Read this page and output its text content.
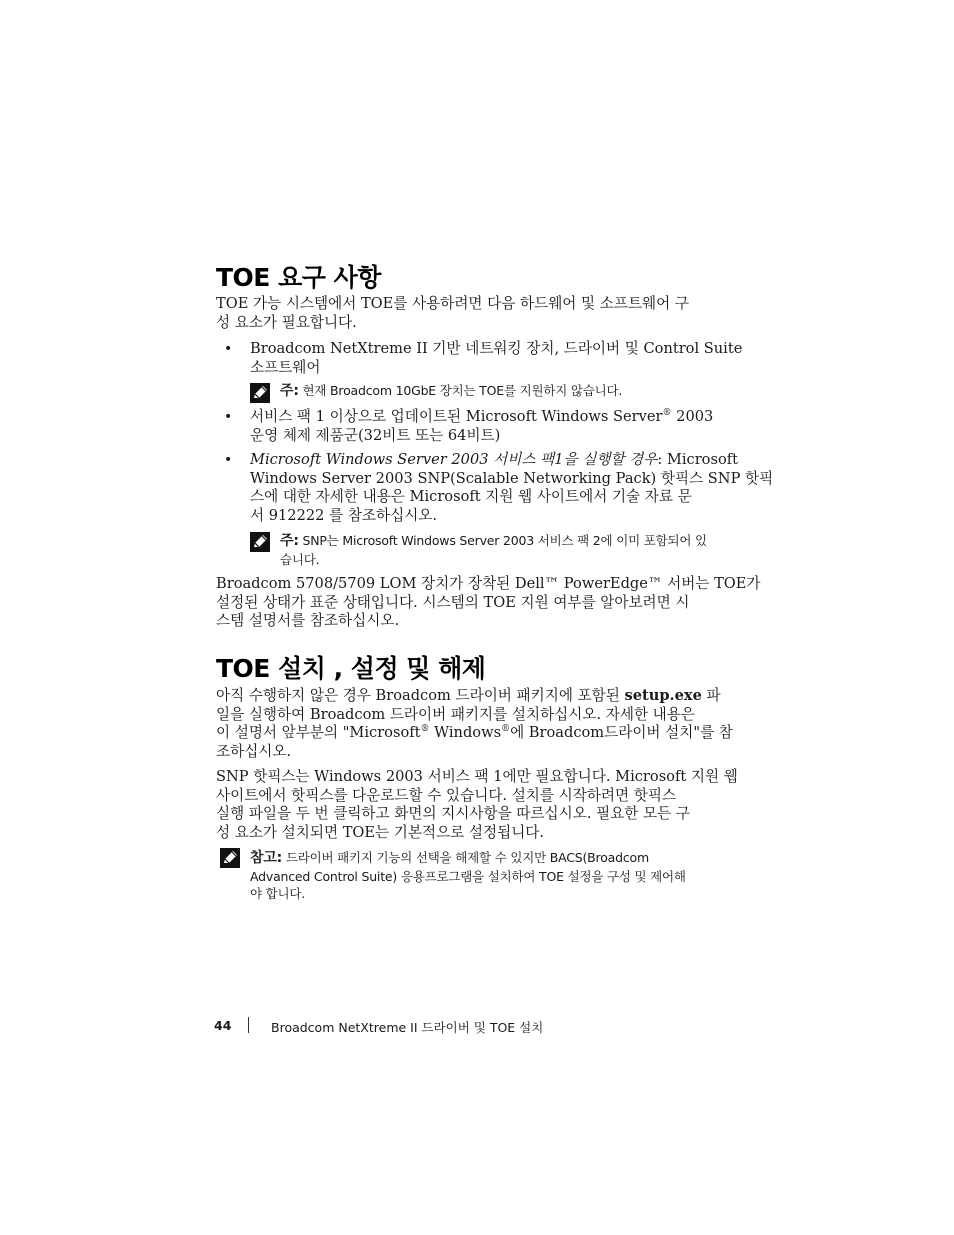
TOE 요구 사항

TOE 가능 시스템에서 TOE를 사용하려면 다음 하드웨어 및 소프트웨어 구
성 요소가 필요합니다.

• Broadcom NetXtreme II 기반 네트워킹 장치, 드라이버 및 Control Suite
소프트웨어

주: 현재 Broadcom 10GbE 장치는 TOE를 지원하지 않습니다.
• 서비스 팩 1 이상으로 업데이트된 Microsoft Windows Server® 2003
운영 체제 제품군(32비트 또는 64비트)

• Microsoft Windows Server 2003 서비스 팩1을 실행할 경우: Microsoft
Windows Server 2003 SNP(Scalable Networking Pack) 핫픽스 SNP 핫픽
스에 대한 자세한 내용은 Microsoft 지원 웹 사이트에서 기술 자료 문
서 912222 를 참조하십시오.

주: SNP는 Microsoft Windows Server 2003 서비스 팩 2에 이미 포함되어 있
습니다.

Broadcom 5708/5709 LOM 장치가 장착된 Dell™ PowerEdge™ 서버는 TOE가
설정된 상태가 표준 상태입니다. 시스템의 TOE 지원 여부를 알아보려면 시
스템 설명서를 참조하십시오.

TOE 설치 , 설정 및 해제

아직 수행하지 않은 경우 Broadcom 드라이버 패키지에 포함된 setup.exe 파
일을 실행하여 Broadcom 드라이버 패키지를 설치하십시오. 자세한 내용은
이 설명서 앞부분의 "Microsoft® Windows®에 Broadcom드라이버 설치"를 참
조하십시오.

SNP 핫픽스는 Windows 2003 서비스 팩 1에만 필요합니다. Microsoft 지원 웹
사이트에서 핫픽스를 다운로드할 수 있습니다. 설치를 시작하려면 핫픽스
실행 파일을 두 번 클릭하고 화면의 지시사항을 따르십시오. 필요한 모든 구
성 요소가 설치되면 TOE는 기본적으로 설정됩니다.

참고: 드라이버 패키지 기능의 선택을 해제할 수 있지만 BACS(Broadcom
Advanced Control Suite) 응용프로그램을 설치하여 TOE 설정을 구성 및 제어해
야 합니다.
44	Broadcom NetXtreme II 드라이버 및 TOE 설치
